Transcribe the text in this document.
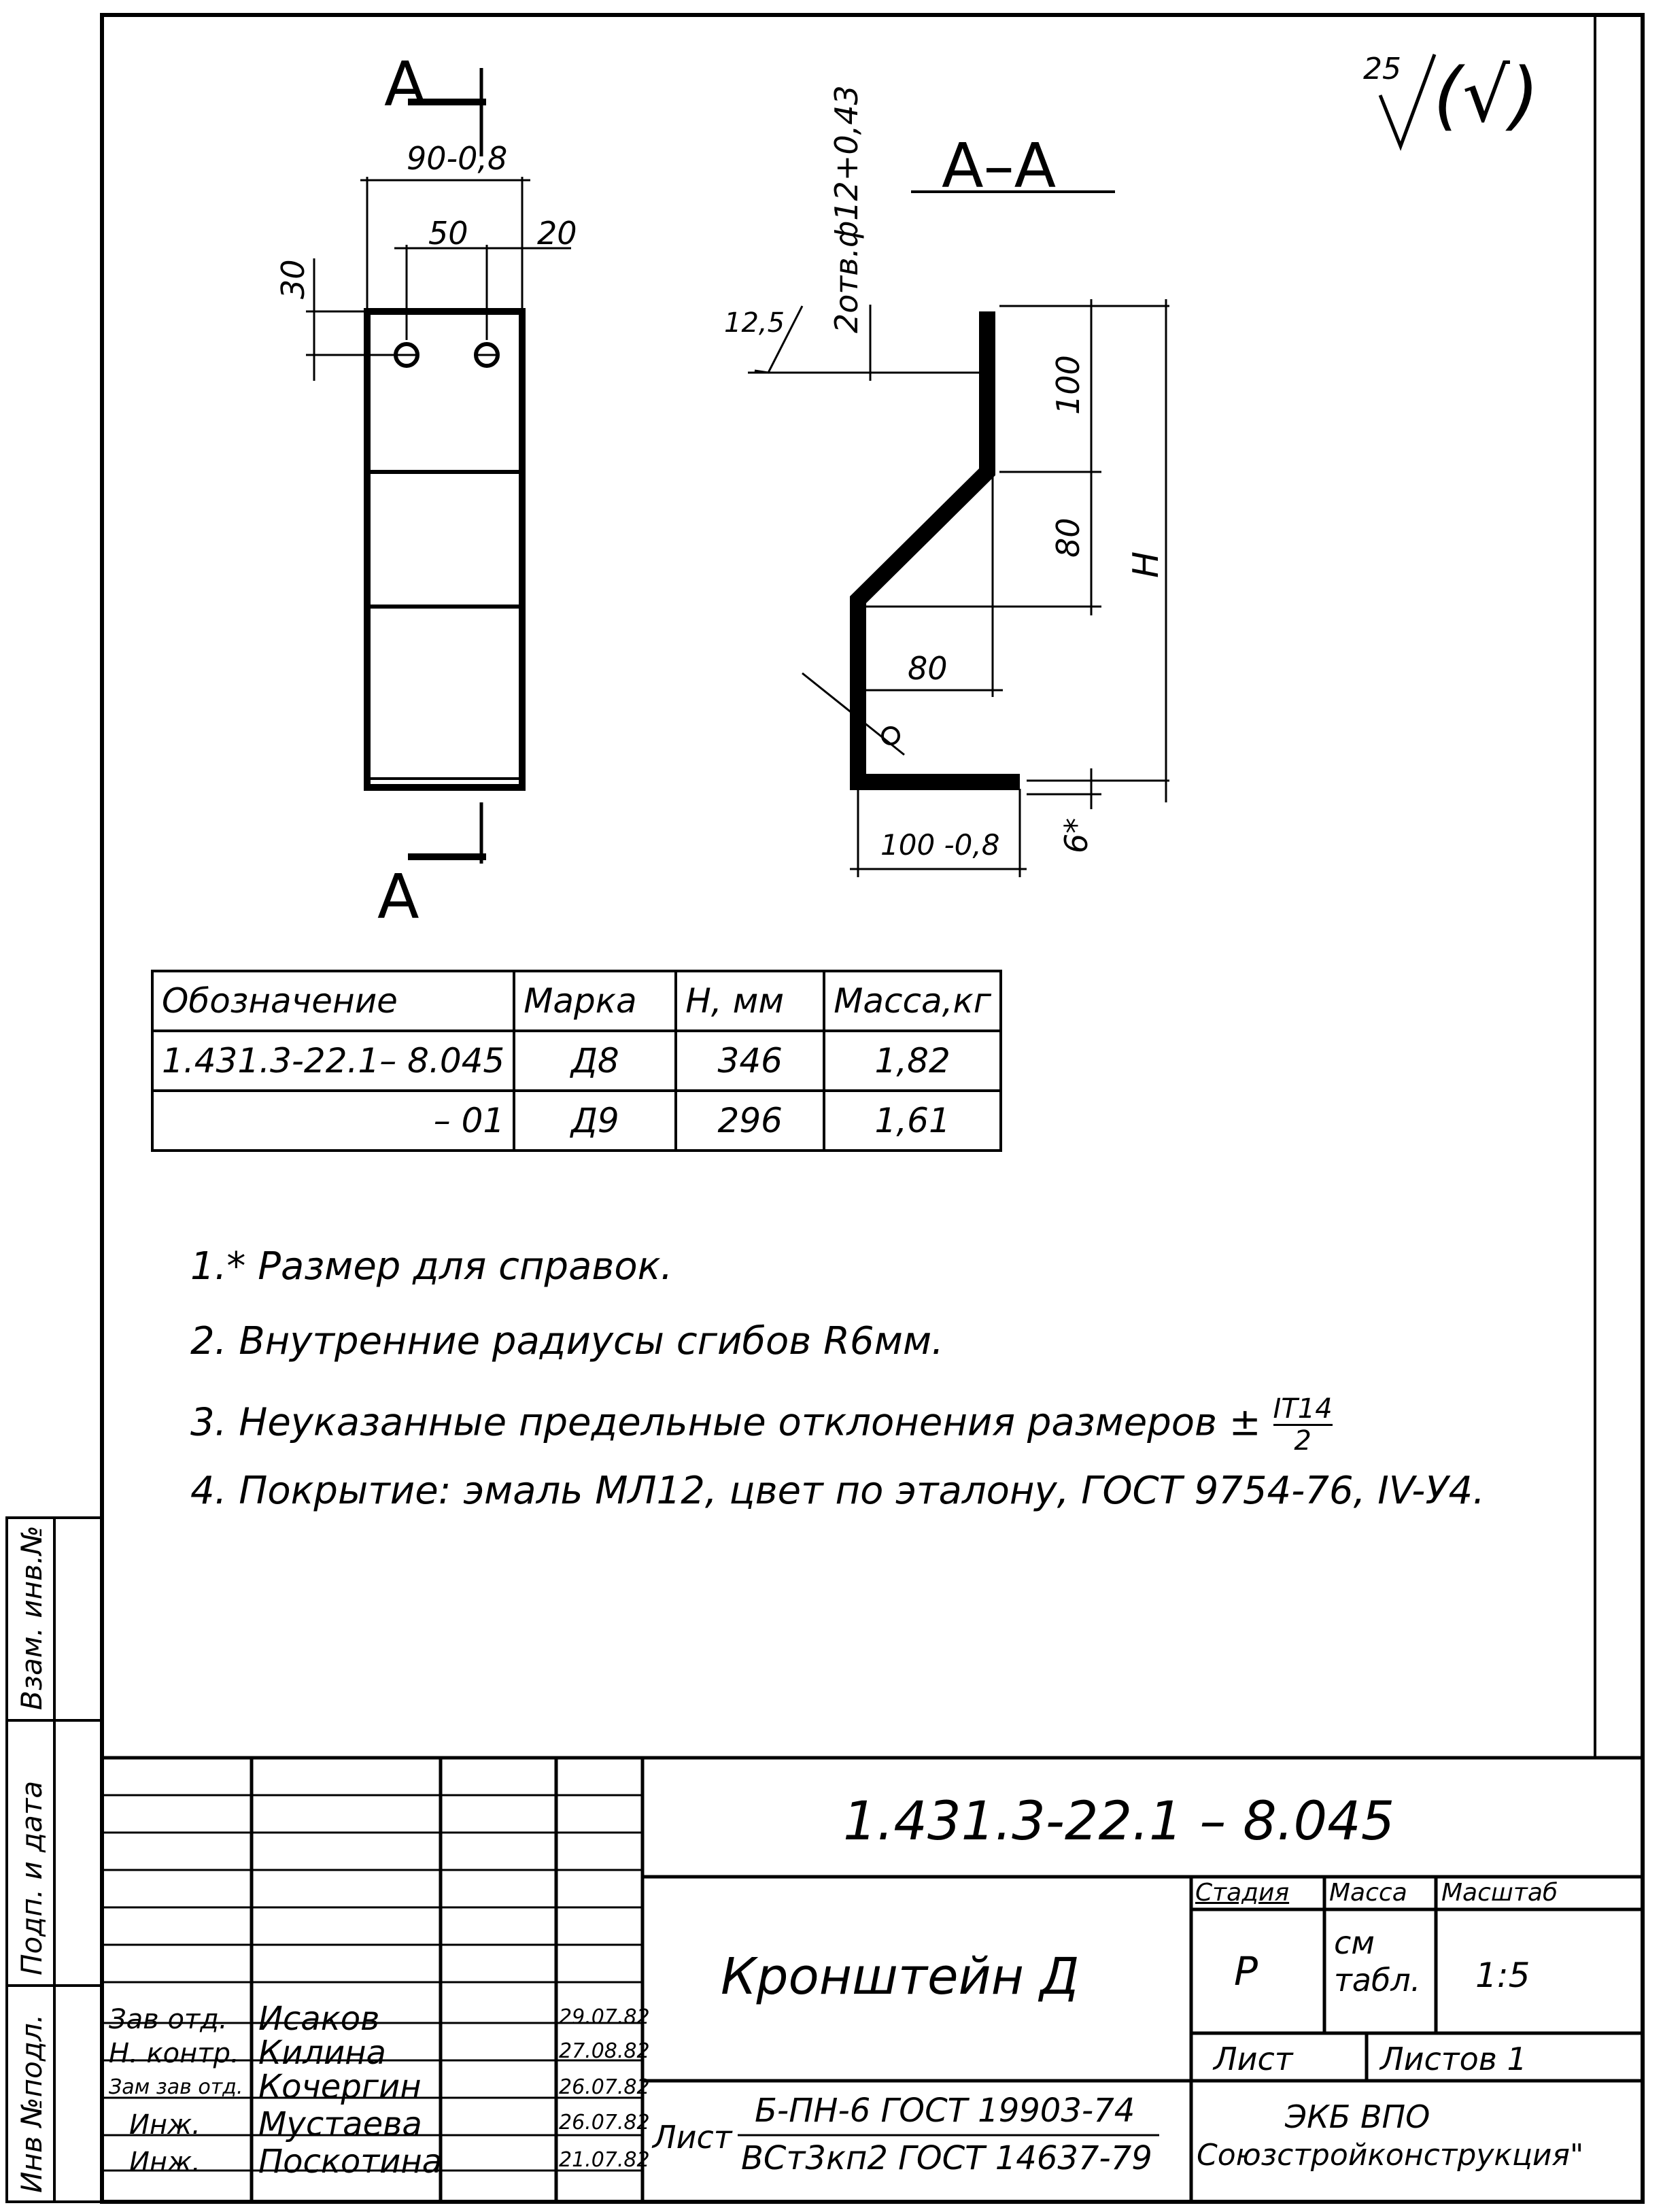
25 (√)
A
A
90-0,8
50 20
30
A–A
2отв.ф12+0,43
12,5
100
80
H
80
100 -0,8 6*
Обозначение	Марка	Н, мм	Масса,кг
1.431.3-22.1– 8.045	Д8	346	1,82
– 01	Д9	296	1,61
1.* Размер для справок.
2. Внутренние радиусы сгибов R6мм.
3. Неуказанные предельные отклонения размеров ± $\frac{IT14}{2}$
4. Покрытие: эмаль МЛ12, цвет по эталону, ГОСТ 9754-76, IV-У4.
1.431.3-22.1 – 8.045
Кронштейн Д
Стадия Масса Масштаб
Р
см табл. 1:5
Лист	Листов 1
Лист
Б-ПН-6 ГОСТ 19903-74
ВСт3кп2 ГОСТ 14637-79
ЭКБ ВПО
Союзстройконструкция"
Зав отд. Исаков	29.07.82
Н. контр. Килина	27.08.82
Зам зав отд. Кочергин	26.07.82
Инж. Мустаева	26.07.82
Инж. Поскотина	21.07.82
Инв №подл.
Подп. и дата
Взам. инв.№
